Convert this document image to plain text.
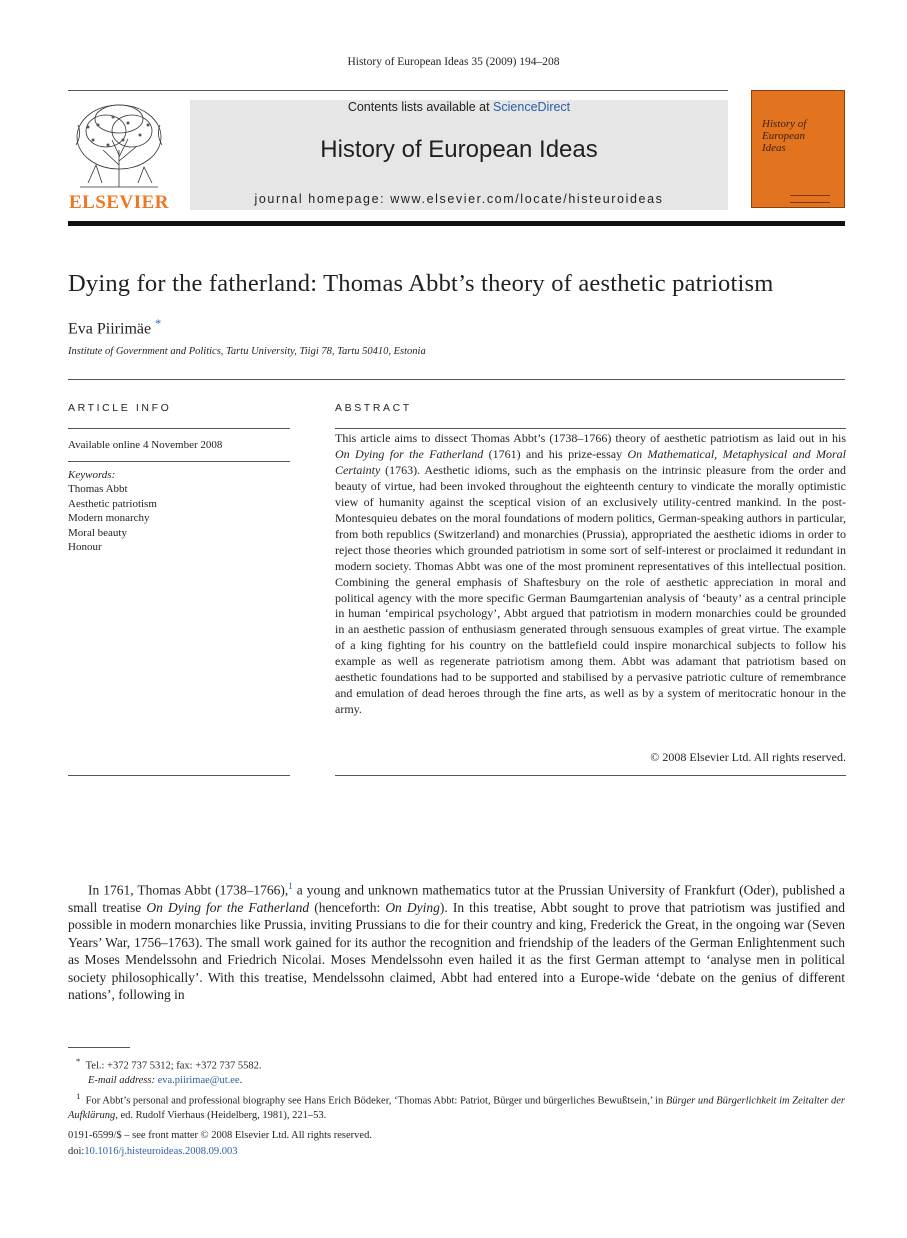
History of European Ideas 35 (2009) 194–208
ELSEVIER
Contents lists available at ScienceDirect
History of European Ideas
journal homepage: www.elsevier.com/locate/histeuroideas
History of
European
Ideas
Dying for the fatherland: Thomas Abbt’s theory of aesthetic patriotism
Eva Piirimäe *
Institute of Government and Politics, Tartu University, Tiigi 78, Tartu 50410, Estonia
ARTICLE INFO
Available online 4 November 2008
Keywords:
Thomas Abbt
Aesthetic patriotism
Modern monarchy
Moral beauty
Honour
ABSTRACT
This article aims to dissect Thomas Abbt’s (1738–1766) theory of aesthetic patriotism as laid out in his On Dying for the Fatherland (1761) and his prize-essay On Mathematical, Metaphysical and Moral Certainty (1763). Aesthetic idioms, such as the emphasis on the intrinsic pleasure from the order and beauty of virtue, had been invoked throughout the eighteenth century to vindicate the morally optimistic view of humanity against the sceptical vision of an exclusively utility-centred mankind. In the post-Montesquieu debates on the moral foundations of modern politics, German-speaking authors in particular, from both republics (Switzerland) and monarchies (Prussia), appropriated the aesthetic idioms in order to reject those theories which grounded patriotism in some sort of self-interest or proclaimed it redundant in modern society. Thomas Abbt was one of the most prominent representatives of this intellectual position. Combining the general emphasis of Shaftesbury on the role of aesthetic appreciation in moral and political agency with the more specific German Baumgartenian analysis of ‘beauty’ as a central principle in human ‘empirical psychology’, Abbt argued that patriotism in modern monarchies could be grounded in an aesthetic passion of enthusiasm generated through sensuous examples of great virtue. The example of a king fighting for his country on the battlefield could inspire monarchical subjects to follow his example as well as regenerate patriotism among them. Abbt was adamant that patriotism based on aesthetic foundations had to be supported and stabilised by a pervasive patriotic culture of remembrance and emulation of dead heroes through the fine arts, as well as by a system of meritocratic honour in the army.
© 2008 Elsevier Ltd. All rights reserved.
In 1761, Thomas Abbt (1738–1766),$^1$ a young and unknown mathematics tutor at the Prussian University of Frankfurt (Oder), published a small treatise On Dying for the Fatherland (henceforth: On Dying). In this treatise, Abbt sought to prove that patriotism was justified and possible in modern monarchies like Prussia, inviting Prussians to die for their country and king, Frederick the Great, in the ongoing war (Seven Years’ War, 1756–1763). The small work gained for its author the recognition and friendship of the leaders of the German Enlightenment such as Moses Mendelssohn and Friedrich Nicolai. Moses Mendelssohn even hailed it as the first German attempt to ‘analyse men in political society philosophically’. With this treatise, Mendelssohn claimed, Abbt had entered into a Europe-wide ‘debate on the genius of different nations’, following in
* Tel.: +372 737 5312; fax: +372 737 5582.
E-mail address: eva.piirimae@ut.ee.
$^1$ For Abbt’s personal and professional biography see Hans Erich Bödeker, ‘Thomas Abbt: Patriot, Bürger und bürgerliches Bewußtsein,’ in Bürger und Bürgerlichkeit im Zeitalter der Aufklärung, ed. Rudolf Vierhaus (Heidelberg, 1981), 221–53.
0191-6599/$ – see front matter © 2008 Elsevier Ltd. All rights reserved.
doi:10.1016/j.histeuroideas.2008.09.003
